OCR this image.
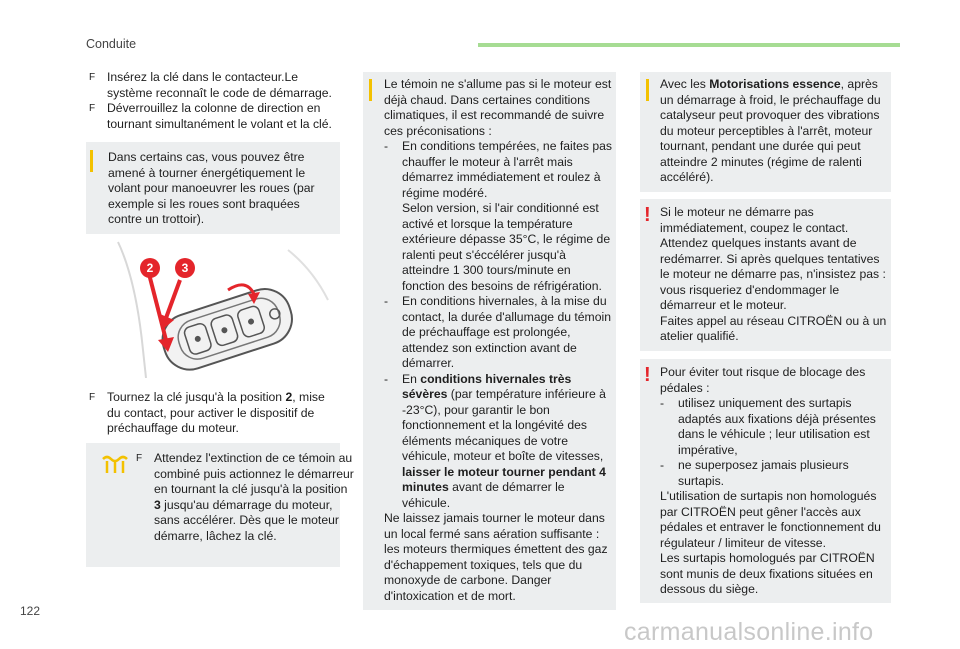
Conduite
122
carmanualsonline.info

F Insérez la clé dans le contacteur.Le système reconnaît le code de démarrage.

F Déverrouillez la colonne de direction en tournant simultanément le volant et la clé.

Dans certains cas, vous pouvez être amené à tourner énergétiquement le volant pour manoeuvrer les roues (par exemple si les roues sont braquées contre un trottoir).

2 3

F Tournez la clé jusqu'à la position 2, mise du contact, pour activer le dispositif de préchauffage du moteur.

F Attendez l'extinction de ce témoin au combiné puis actionnez le démarreur en tournant la clé jusqu'à la position 3 jusqu'au démarrage du moteur, sans accélérer. Dès que le moteur démarre, lâchez la clé.

Le témoin ne s'allume pas si le moteur est déjà chaud. Dans certaines conditions climatiques, il est recommandé de suivre ces préconisations :

- En conditions tempérées, ne faites pas chauffer le moteur à l'arrêt mais démarrez immédiatement et roulez à régime modéré.

Selon version, si l'air conditionné est activé et lorsque la température extérieure dépasse 35°C, le régime de ralenti peut s'éccélérer jusqu'à atteindre 1 300 tours/minute en fonction des besoins de réfrigération.

- En conditions hivernales, à la mise du contact, la durée d'allumage du témoin de préchauffage est prolongée, attendez son extinction avant de démarrer.

- En conditions hivernales très sévères (par température inférieure à -23°C), pour garantir le bon fonctionnement et la longévité des éléments mécaniques de votre véhicule, moteur et boîte de vitesses, laisser le moteur tourner pendant 4 minutes avant de démarrer le véhicule.

Ne laissez jamais tourner le moteur dans un local fermé sans aération suffisante : les moteurs thermiques émettent des gaz d'échappement toxiques, tels que du monoxyde de carbone. Danger d'intoxication et de mort.

Avec les Motorisations essence, après un démarrage à froid, le préchauffage du catalyseur peut provoquer des vibrations du moteur perceptibles à l'arrêt, moteur tournant, pendant une durée qui peut atteindre 2 minutes (régime de ralenti accéléré).

! Si le moteur ne démarre pas immédiatement, coupez le contact. Attendez quelques instants avant de redémarrer. Si après quelques tentatives le moteur ne démarre pas, n'insistez pas : vous risqueriez d'endommager le démarreur et le moteur.

Faites appel au réseau CITROËN ou à un atelier qualifié.

! Pour éviter tout risque de blocage des pédales :

- utilisez uniquement des surtapis adaptés aux fixations déjà présentes dans le véhicule ; leur utilisation est impérative,

- ne superposez jamais plusieurs surtapis.

L'utilisation de surtapis non homologués par CITROËN peut gêner l'accès aux pédales et entraver le fonctionnement du régulateur / limiteur de vitesse.

Les surtapis homologués par CITROËN sont munis de deux fixations situées en dessous du siège.
